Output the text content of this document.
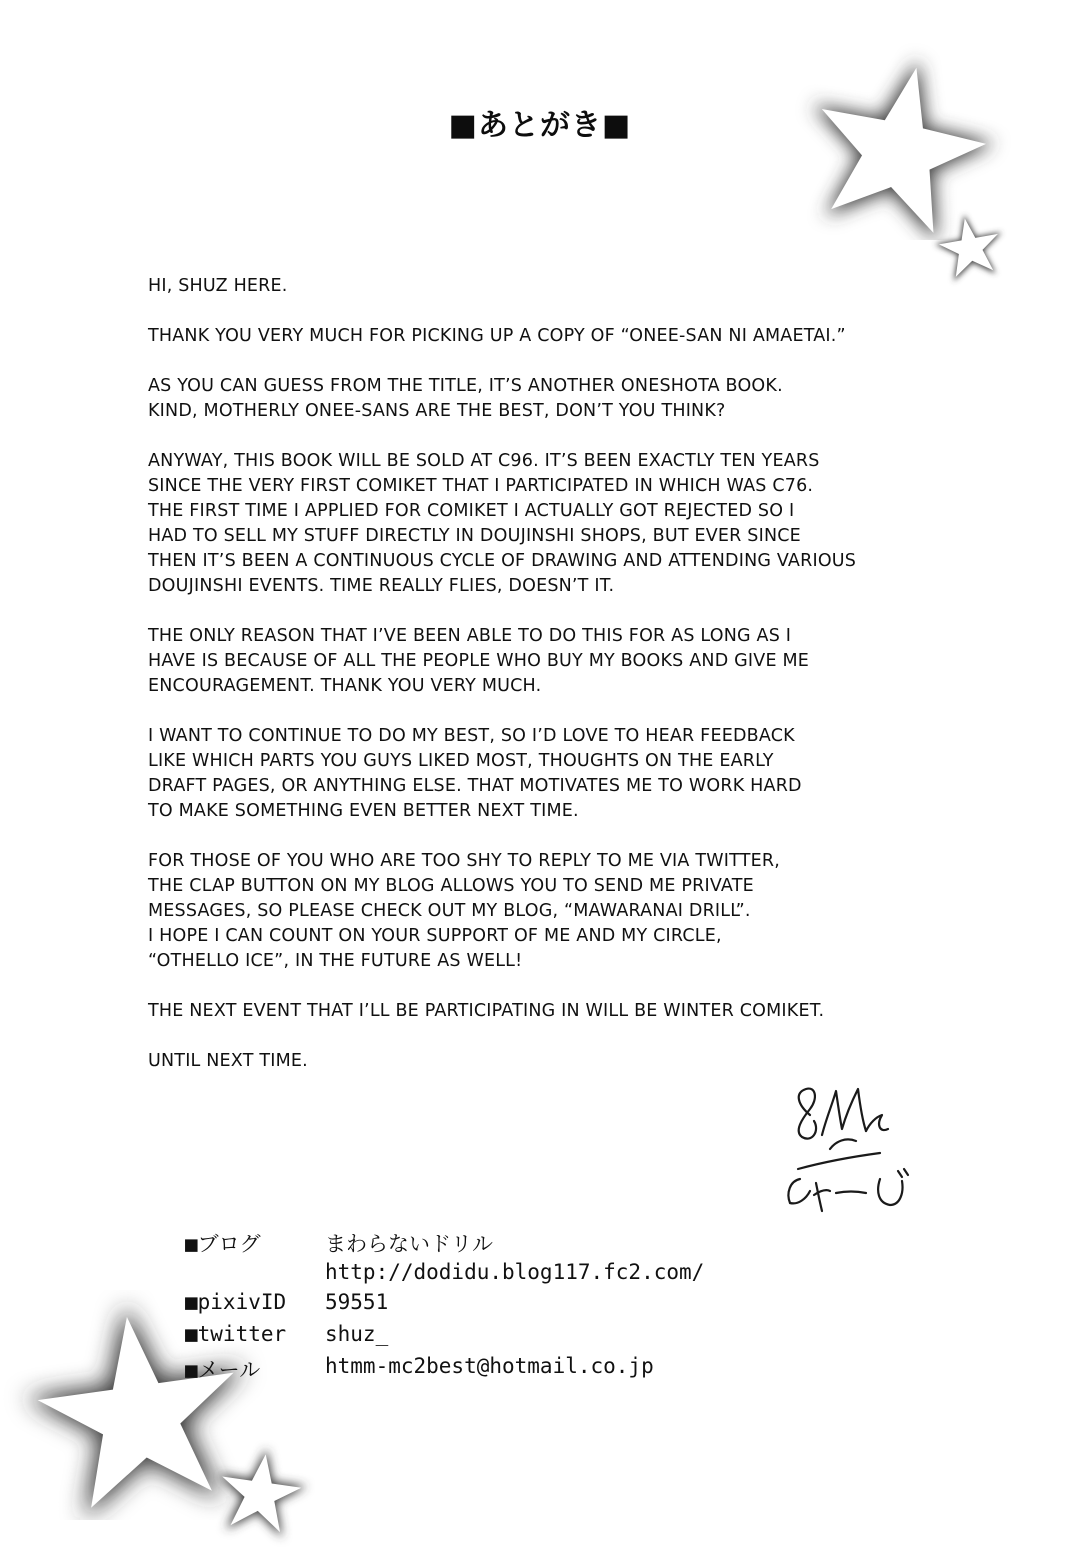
■あとがき■

HI, SHUZ HERE.

THANK YOU VERY MUCH FOR PICKING UP A COPY OF “ONEE-SAN NI AMAETAI.”

AS YOU CAN GUESS FROM THE TITLE, IT’S ANOTHER ONESHOTA BOOK.
KIND, MOTHERLY ONEE-SANS ARE THE BEST, DON’T YOU THINK?

ANYWAY, THIS BOOK WILL BE SOLD AT C96. IT’S BEEN EXACTLY TEN YEARS
SINCE THE VERY FIRST COMIKET THAT I PARTICIPATED IN WHICH WAS C76.
THE FIRST TIME I APPLIED FOR COMIKET I ACTUALLY GOT REJECTED SO I
HAD TO SELL MY STUFF DIRECTLY IN DOUJINSHI SHOPS, BUT EVER SINCE
THEN IT’S BEEN A CONTINUOUS CYCLE OF DRAWING AND ATTENDING VARIOUS
DOUJINSHI EVENTS. TIME REALLY FLIES, DOESN’T IT.

THE ONLY REASON THAT I’VE BEEN ABLE TO DO THIS FOR AS LONG AS I
HAVE IS BECAUSE OF ALL THE PEOPLE WHO BUY MY BOOKS AND GIVE ME
ENCOURAGEMENT. THANK YOU VERY MUCH.

I WANT TO CONTINUE TO DO MY BEST, SO I’D LOVE TO HEAR FEEDBACK
LIKE WHICH PARTS YOU GUYS LIKED MOST, THOUGHTS ON THE EARLY
DRAFT PAGES, OR ANYTHING ELSE. THAT MOTIVATES ME TO WORK HARD
TO MAKE SOMETHING EVEN BETTER NEXT TIME.

FOR THOSE OF YOU WHO ARE TOO SHY TO REPLY TO ME VIA TWITTER,
THE CLAP BUTTON ON MY BLOG ALLOWS YOU TO SEND ME PRIVATE
MESSAGES, SO PLEASE CHECK OUT MY BLOG, “MAWARANAI DRILL”.
I HOPE I CAN COUNT ON YOUR SUPPORT OF ME AND MY CIRCLE,
“OTHELLO ICE”, IN THE FUTURE AS WELL!

THE NEXT EVENT THAT I’LL BE PARTICIPATING IN WILL BE WINTER COMIKET.

UNTIL NEXT TIME.

■ブログ	まわらないドリル
http://dodidu.blog117.fc2.com/
■pixivID 59551
■twitter shuz_
■メール	htmm-mc2best@hotmail.co.jp
